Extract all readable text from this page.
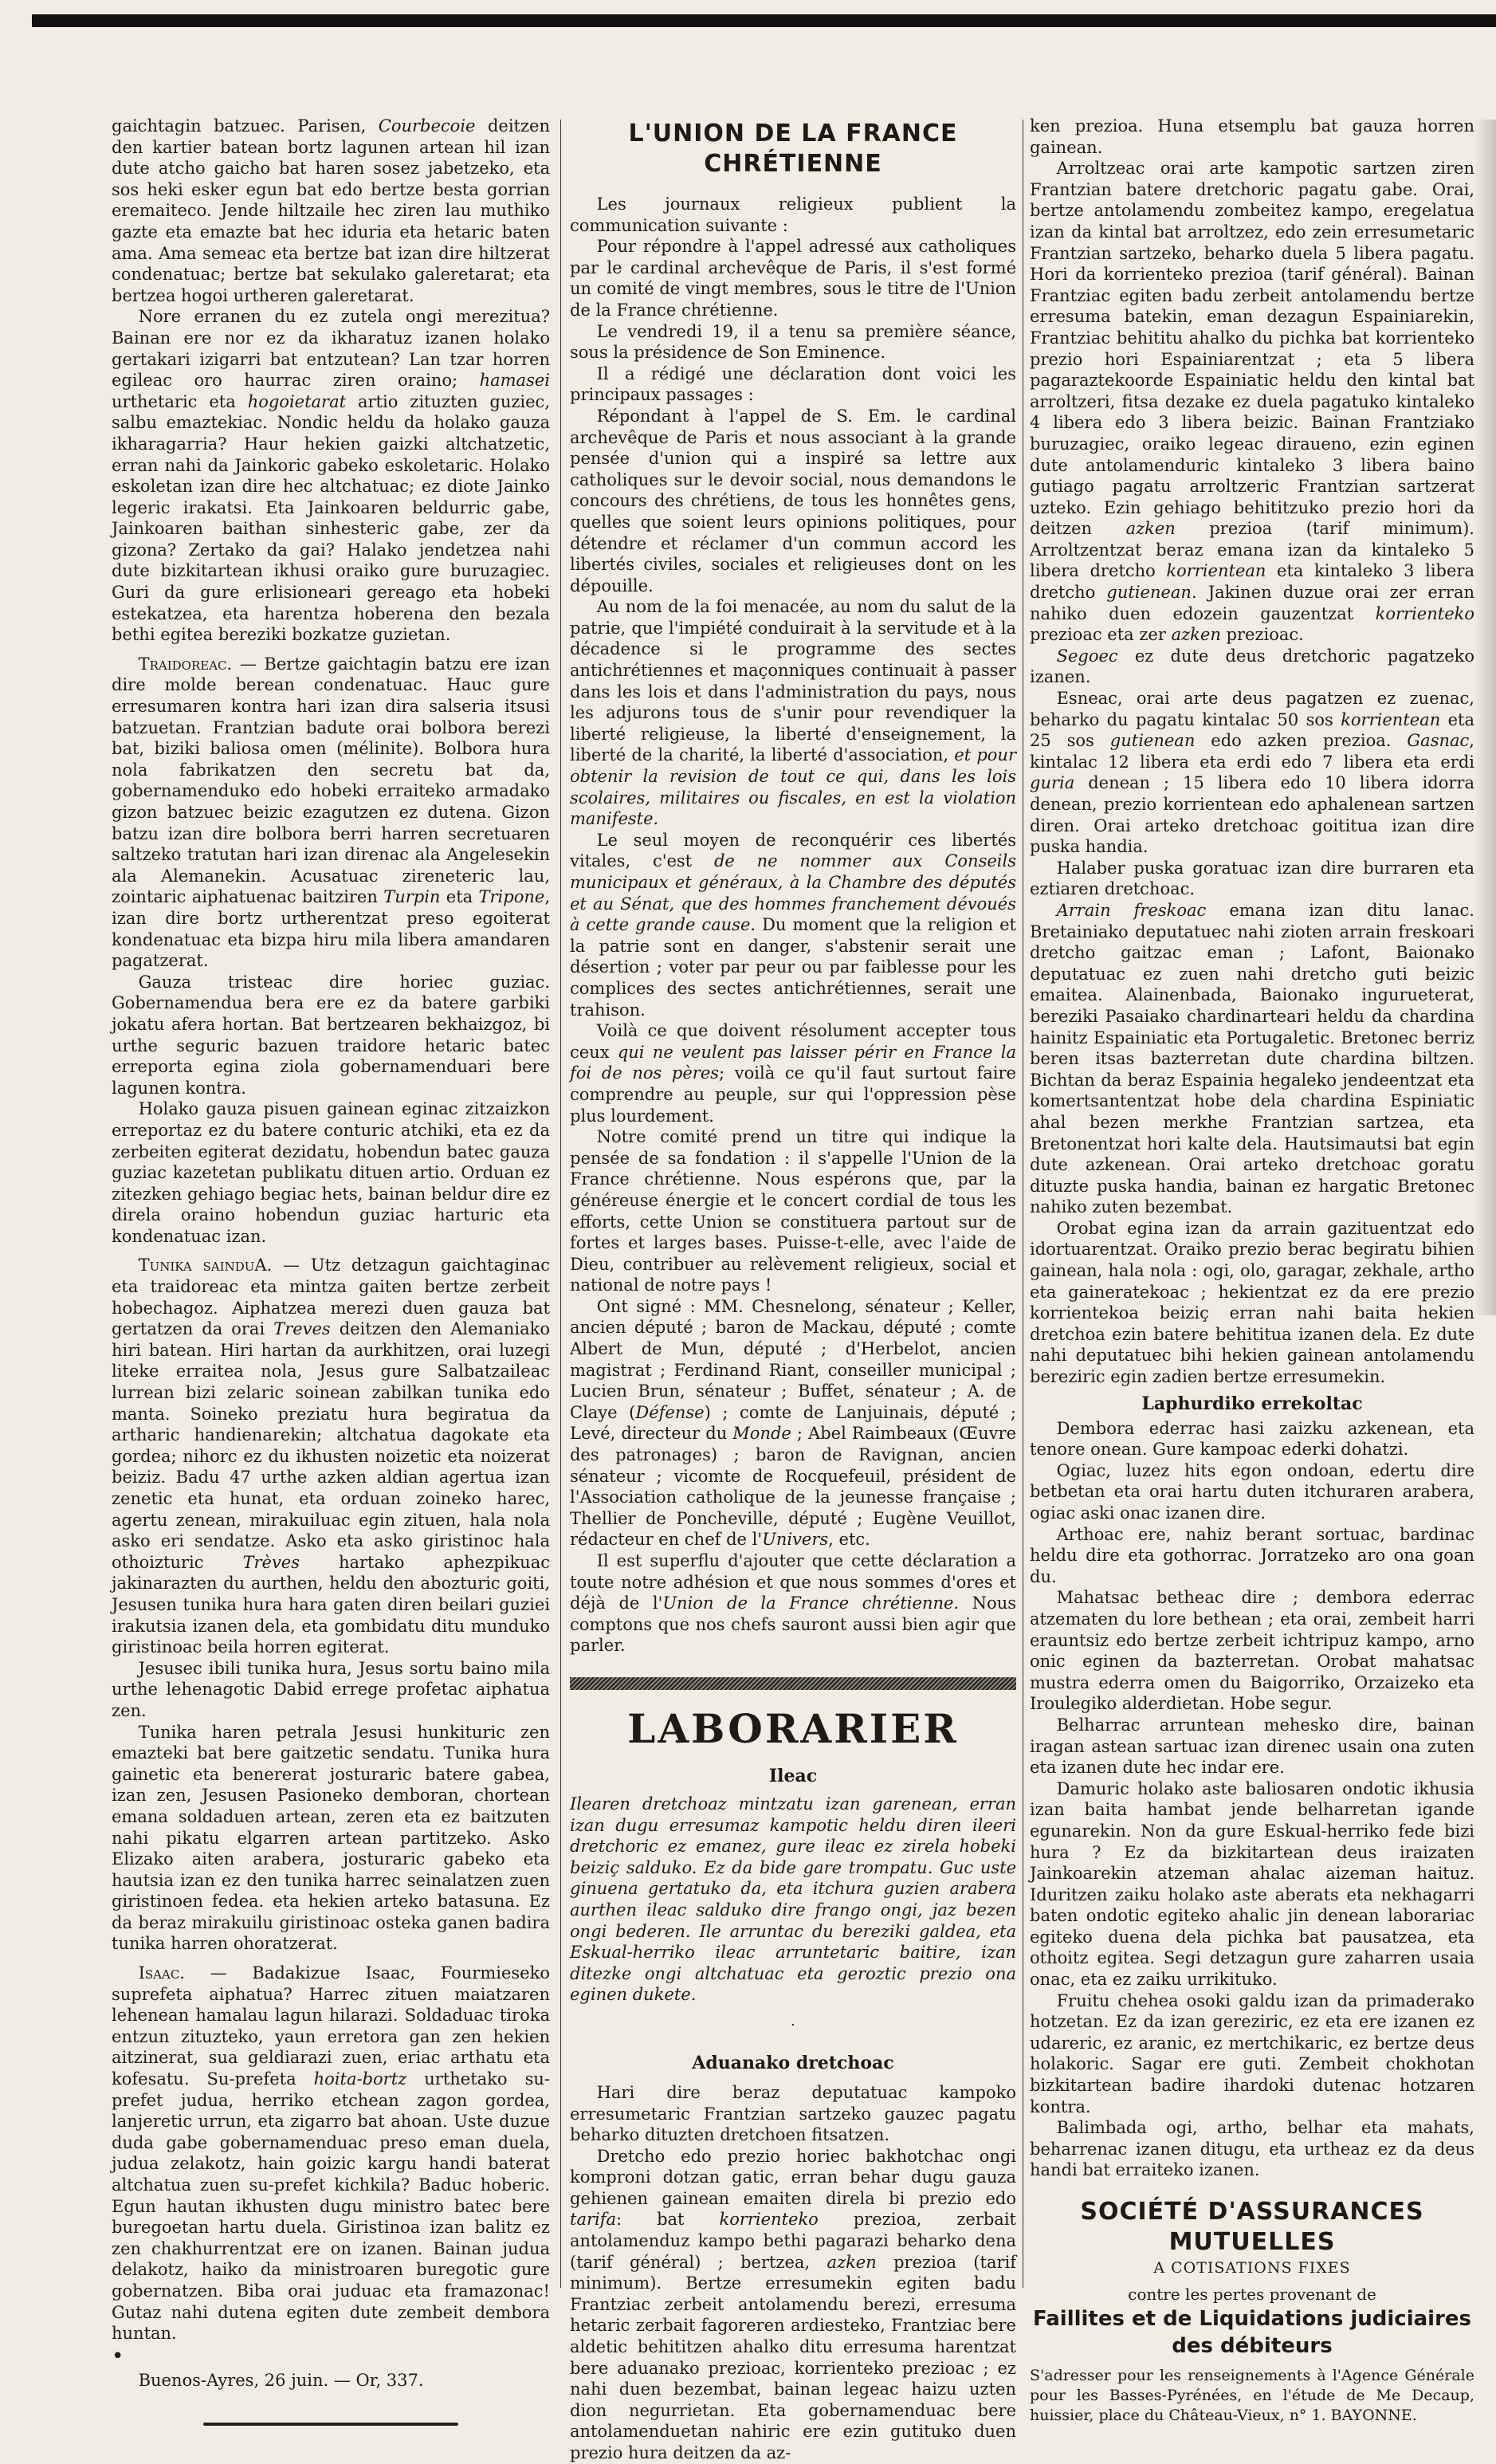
gaichtagin batzuec. Parisen, Courbecoie deitzen den kartier batean bortz lagunen artean hil izan dute atcho gaicho bat haren sosez jabetzeko, eta sos heki esker egun bat edo bertze besta gorrian eremaiteco. Jende hiltzaile hec ziren lau muthiko gazte eta emazte bat hec iduria eta hetaric baten ama. Ama semeac eta bertze bat izan dire hiltzerat condenatuac; bertze bat sekulako galeretarat; eta bertzea hogoi urtheren galeretarat.

Nore erranen du ez zutela ongi merezitua? Bainan ere nor ez da ikharatuz izanen holako gertakari izigarri bat entzutean? Lan tzar horren egileac oro haurrac ziren oraino; hamasei urthetaric eta hogoietarat artio zituzten guziec, salbu emaztekiac. Nondic heldu da holako gauza ikharagarria? Haur hekien gaizki altchatzetic, erran nahi da Jainkoric gabeko eskoletaric. Holako eskoletan izan dire hec altchatuac; ez diote Jainko legeric irakatsi. Eta Jainkoaren beldurric gabe, Jainkoaren baithan sinhesteric gabe, zer da gizona? Zertako da gai? Halako jendetzea nahi dute bizkitartean ikhusi oraiko gure buruzagiec. Guri da gure erlisioneari gereago eta hobeki estekatzea, eta harentza hoberena den bezala bethi egitea bereziki bozkatze guzietan.

Traidoreac. — Bertze gaichtagin batzu ere izan dire molde berean condenatuac. Hauc gure erresumaren kontra hari izan dira salseria itsusi batzuetan. Frantzian badute orai bolbora berezi bat, biziki baliosa omen (mélinite). Bolbora hura nola fabrikatzen den secretu bat da, gobernamenduko edo hobeki erraiteko armadako gizon batzuec beizic ezagutzen ez dutena. Gizon batzu izan dire bolbora berri harren secretuaren saltzeko tratutan hari izan direnac ala Angelesekin ala Alemanekin. Acusatuac zireneteric lau, zointaric aiphatuenac baitziren Turpin eta Tripone, izan dire bortz urtherentzat preso egoiterat kondenatuac eta bizpa hiru mila libera amandaren pagatzerat.

Gauza tristeac dire horiec guziac. Gobernamendua bera ere ez da batere garbiki jokatu afera hortan. Bat bertzearen bekhaizgoz, bi urthe seguric bazuen traidore hetaric batec erreporta egina ziola gobernamenduari bere lagunen kontra.

Holako gauza pisuen gainean eginac zitzaizkon erreportaz ez du batere conturic atchiki, eta ez da zerbeiten egiterat dezidatu, hobendun batec gauza guziac kazetetan publikatu dituen artio. Orduan ez zitezken gehiago begiac hets, bainan beldur dire ez direla oraino hobendun guziac harturic eta kondenatuac izan.

Tunika sainduA. — Utz detzagun gaichtaginac eta traidoreac eta mintza gaiten bertze zerbeit hobechagoz. Aiphatzea merezi duen gauza bat gertatzen da orai Treves deitzen den Alemaniako hiri batean. Hiri hartan da aurkhitzen, orai luzegi liteke erraitea nola, Jesus gure Salbatzaileac lurrean bizi zelaric soinean zabilkan tunika edo manta. Soineko preziatu hura begiratua da artharic handienarekin; altchatua dagokate eta gordea; nihorc ez du ikhusten noizetic eta noizerat beiziz. Badu 47 urthe azken aldian agertua izan zenetic eta hunat, eta orduan zoineko harec, agertu zenean, mirakuiluac egin zituen, hala nola asko eri sendatze. Asko eta asko giristinoc hala othoizturic Trèves hartako aphezpikuac jakinarazten du aurthen, heldu den abozturic goiti, Jesusen tunika hura hara gaten diren beilari guziei irakutsia izanen dela, eta gombidatu ditu munduko giristinoac beila horren egiterat.

Jesusec ibili tunika hura, Jesus sortu baino mila urthe lehenagotic Dabid errege profetac aiphatua zen.

Tunika haren petrala Jesusi hunkituric zen emazteki bat bere gaitzetic sendatu. Tunika hura gainetic eta benererat josturaric batere gabea, izan zen, Jesusen Pasioneko demboran, chortean emana soldaduen artean, zeren eta ez baitzuten nahi pikatu elgarren artean partitzeko. Asko Elizako aiten arabera, josturaric gabeko eta hautsia izan ez den tunika harrec seinalatzen zuen giristinoen fedea. eta hekien arteko batasuna. Ez da beraz mirakuilu giristinoac osteka ganen badira tunika harren ohoratzerat.

Isaac. — Badakizue Isaac, Fourmieseko suprefeta aiphatua? Harrec zituen maiatzaren lehenean hamalau lagun hilarazi. Soldaduac tiroka entzun zituzteko, yaun erretora gan zen hekien aitzinerat, sua geldiarazi zuen, eriac arthatu eta kofesatu. Su-prefeta hoita-bortz urthetako su-prefet judua, herriko etchean zagon gordea, lanjeretic urrun, eta zigarro bat ahoan. Uste duzue duda gabe gobernamenduac preso eman duela, judua zelakotz, hain goizic kargu handi baterat altchatua zuen su-prefet kichkila? Baduc hoberic. Egun hautan ikhusten dugu ministro batec bere buregoetan hartu duela. Giristinoa izan balitz ez zen chakhurrentzat ere on izanen. Bainan judua delakotz, haiko da ministroaren buregotic gure gobernatzen. Biba orai juduac eta framazonac! Gutaz nahi dutena egiten dute zembeit dembora huntan.

•

Buenos-Ayres, 26 juin. — Or, 337.

L'UNION DE LA FRANCE CHRÉTIENNE

Les journaux religieux publient la communication suivante :

Pour répondre à l'appel adressé aux catholiques par le cardinal archevêque de Paris, il s'est formé un comité de vingt membres, sous le titre de l'Union de la France chrétienne.

Le vendredi 19, il a tenu sa première séance, sous la présidence de Son Eminence.

Il a rédigé une déclaration dont voici les principaux passages :

Répondant à l'appel de S. Em. le cardinal archevêque de Paris et nous associant à la grande pensée d'union qui a inspiré sa lettre aux catholiques sur le devoir social, nous demandons le concours des chrétiens, de tous les honnêtes gens, quelles que soient leurs opinions politiques, pour détendre et réclamer d'un commun accord les libertés civiles, sociales et religieuses dont on les dépouille.

Au nom de la foi menacée, au nom du salut de la patrie, que l'impiété conduirait à la servitude et à la décadence si le programme des sectes antichrétiennes et maçonniques continuait à passer dans les lois et dans l'administration du pays, nous les adjurons tous de s'unir pour revendiquer la liberté religieuse, la liberté d'enseignement, la liberté de la charité, la liberté d'association, et pour obtenir la revision de tout ce qui, dans les lois scolaires, militaires ou fiscales, en est la violation manifeste.

Le seul moyen de reconquérir ces libertés vitales, c'est de ne nommer aux Conseils municipaux et généraux, à la Chambre des députés et au Sénat, que des hommes franchement dévoués à cette grande cause. Du moment que la religion et la patrie sont en danger, s'abstenir serait une désertion ; voter par peur ou par faiblesse pour les complices des sectes antichrétiennes, serait une trahison.

Voilà ce que doivent résolument accepter tous ceux qui ne veulent pas laisser périr en France la foi de nos pères; voilà ce qu'il faut surtout faire comprendre au peuple, sur qui l'oppression pèse plus lourdement.

Notre comité prend un titre qui indique la pensée de sa fondation : il s'appelle l'Union de la France chrétienne. Nous espérons que, par la généreuse énergie et le concert cordial de tous les efforts, cette Union se constituera partout sur de fortes et larges bases. Puisse-t-elle, avec l'aide de Dieu, contribuer au relèvement religieux, social et national de notre pays !

Ont signé : MM. Chesnelong, sénateur ; Keller, ancien député ; baron de Mackau, député ; comte Albert de Mun, député ; d'Herbelot, ancien magistrat ; Ferdinand Riant, conseiller municipal ; Lucien Brun, sénateur ; Buffet, sénateur ; A. de Claye (Défense) ; comte de Lanjuinais, député ; Levé, directeur du Monde ; Abel Raimbeaux (Œuvre des patronages) ; baron de Ravignan, ancien sénateur ; vicomte de Rocquefeuil, président de l'Association catholique de la jeunesse française ; Thellier de Poncheville, député ; Eugène Veuillot, rédacteur en chef de l'Univers, etc.

Il est superflu d'ajouter que cette déclaration a toute notre adhésion et que nous sommes d'ores et déjà de l'Union de la France chrétienne. Nous comptons que nos chefs sauront aussi bien agir que parler.

LABORARIER
Ileac

Ilearen dretchoaz mintzatu izan garenean, erran izan dugu erresumaz kampotic heldu diren ileeri dretchoric ez emanez, gure ileac ez zirela hobeki beiziç salduko. Ez da bide gare trompatu. Guc uste ginuena gertatuko da, eta itchura guzien arabera aurthen ileac salduko dire frango ongi, jaz bezen ongi bederen. Ile arruntac du bereziki galdea, eta Eskual-herriko ileac arruntetaric baitire, izan ditezke ongi altchatuac eta geroztic prezio ona eginen dukete.

·
Aduanako dretchoac

Hari dire beraz deputatuac kampoko erresumetaric Frantzian sartzeko gauzec pagatu beharko dituzten dretchoen fitsatzen.

Dretcho edo prezio horiec bakhotchac ongi komproni dotzan gatic, erran behar dugu gauza gehienen gainean emaiten direla bi prezio edo tarifa: bat korrienteko prezioa, zerbait antolamenduz kampo bethi pagarazi beharko dena (tarif général) ; bertzea, azken prezioa (tarif minimum). Bertze erresumekin egiten badu Frantziac zerbeit antolamendu berezi, erresuma hetaric zerbait fagoreren ardiesteko, Frantziac bere aldetic behititzen ahalko ditu erresuma harentzat bere aduanako prezioac, korrienteko prezioac ; ez nahi duen bezembat, bainan legeac haizu uzten dion negurrietan. Eta gobernamenduac bere antolamenduetan nahiric ere ezin gutituko duen prezio hura deitzen da az-

ken prezioa. Huna etsemplu bat gauza horren gainean.

Arroltzeac orai arte kampotic sartzen ziren Frantzian batere dretchoric pagatu gabe. Orai, bertze antolamendu zombeitez kampo, eregelatua izan da kintal bat arroltzez, edo zein erresumetaric Frantzian sartzeko, beharko duela 5 libera pagatu. Hori da korrienteko prezioa (tarif général). Bainan Frantziac egiten badu zerbeit antolamendu bertze erresuma batekin, eman dezagun Espainiarekin, Frantziac behititu ahalko du pichka bat korrienteko prezio hori Espainiarentzat ; eta 5 libera pagaraztekoorde Espainiatic heldu den kintal bat arroltzeri, fitsa dezake ez duela pagatuko kintaleko 4 libera edo 3 libera beizic. Bainan Frantziako buruzagiec, oraiko legeac diraueno, ezin eginen dute antolamenduric kintaleko 3 libera baino gutiago pagatu arroltzeric Frantzian sartzerat uzteko. Ezin gehiago behititzuko prezio hori da deitzen azken prezioa (tarif minimum). Arroltzentzat beraz emana izan da kintaleko 5 libera dretcho korrientean eta kintaleko 3 libera dretcho gutienean. Jakinen duzue orai zer erran nahiko duen edozein gauzentzat korrienteko prezioac eta zer azken prezioac.

Segoec ez dute deus dretchoric pagatzeko izanen.

Esneac, orai arte deus pagatzen ez zuenac, beharko du pagatu kintalac 50 sos korrientean eta 25 sos gutienean edo azken prezioa. Gasnac, kintalac 12 libera eta erdi edo 7 libera eta erdi guria denean ; 15 libera edo 10 libera idorra denean, prezio korrientean edo aphalenean sartzen diren. Orai arteko dretchoac goititua izan dire puska handia.

Halaber puska goratuac izan dire burraren eta eztiaren dretchoac.

Arrain freskoac emana izan ditu lanac. Bretainiako deputatuec nahi zioten arrain freskoari dretcho gaitzac eman ; Lafont, Baionako deputatuac ez zuen nahi dretcho guti beizic emaitea. Alainenbada, Baionako ingurueterat, bereziki Pasaiako chardinarteari heldu da chardina hainitz Espainiatic eta Portugaletic. Bretonec berriz beren itsas bazterretan dute chardina biltzen. Bichtan da beraz Espainia hegaleko jendeentzat eta komertsantentzat hobe dela chardina Espiniatic ahal bezen merkhe Frantzian sartzea, eta Bretonentzat hori kalte dela. Hautsimautsi bat egin dute azkenean. Orai arteko dretchoac goratu dituzte puska handia, bainan ez hargatic Bretonec nahiko zuten bezembat.

Orobat egina izan da arrain gazituentzat edo idortuarentzat. Oraiko prezio berac begiratu bihien gainean, hala nola : ogi, olo, garagar, zekhale, artho eta gaineratekoac ; hekientzat ez da ere prezio korrientekoa beiziç erran nahi baita hekien dretchoa ezin batere behititua izanen dela. Ez dute nahi deputatuec bihi hekien gainean antolamendu bereziric egin zadien bertze erresumekin.

Laphurdiko errekoltac

Dembora ederrac hasi zaizku azkenean, eta tenore onean. Gure kampoac ederki dohatzi.

Ogiac, luzez hits egon ondoan, edertu dire betbetan eta orai hartu duten itchuraren arabera, ogiac aski onac izanen dire.

Arthoac ere, nahiz berant sortuac, bardinac heldu dire eta gothorrac. Jorratzeko aro ona goan du.

Mahatsac betheac dire ; dembora ederrac atzematen du lore bethean ; eta orai, zembeit harri erauntsiz edo bertze zerbeit ichtripuz kampo, arno onic eginen da bazterretan. Orobat mahatsac mustra ederra omen du Baigorriko, Orzaizeko eta Iroulegiko alderdietan. Hobe segur.

Belharrac arruntean mehesko dire, bainan iragan astean sartuac izan direnec usain ona zuten eta izanen dute hec indar ere.

Damuric holako aste baliosaren ondotic ikhusia izan baita hambat jende belharretan igande egunarekin. Non da gure Eskual-herriko fede bizi hura ? Ez da bizkitartean deus iraizaten Jainkoarekin atzeman ahalac aizeman haituz. Iduritzen zaiku holako aste aberats eta nekhagarri baten ondotic egiteko ahalic jin denean laborariac egiteko duena dela pichka bat pausatzea, eta othoitz egitea. Segi detzagun gure zaharren usaia onac, eta ez zaiku urrikituko.

Fruitu chehea osoki galdu izan da primaderako hotzetan. Ez da izan gereziric, ez eta ere izanen ez udareric, ez aranic, ez mertchikaric, ez bertze deus holakoric. Sagar ere guti. Zembeit chokhotan bizkitartean badire ihardoki dutenac hotzaren kontra.

Balimbada ogi, artho, belhar eta mahats, beharrenac izanen ditugu, eta urtheaz ez da deus handi bat erraiteko izanen.

SOCIÉTÉ D'ASSURANCES MUTUELLES
A COTISATIONS FIXES
contre les pertes provenant de
Faillites et de Liquidations judiciaires
des débiteurs
S'adresser pour les renseignements à l'Agence Générale pour les Basses-Pyrénées, en l'étude de Me Decaup, huissier, place du Château-Vieux, n° 1. BAYONNE.
